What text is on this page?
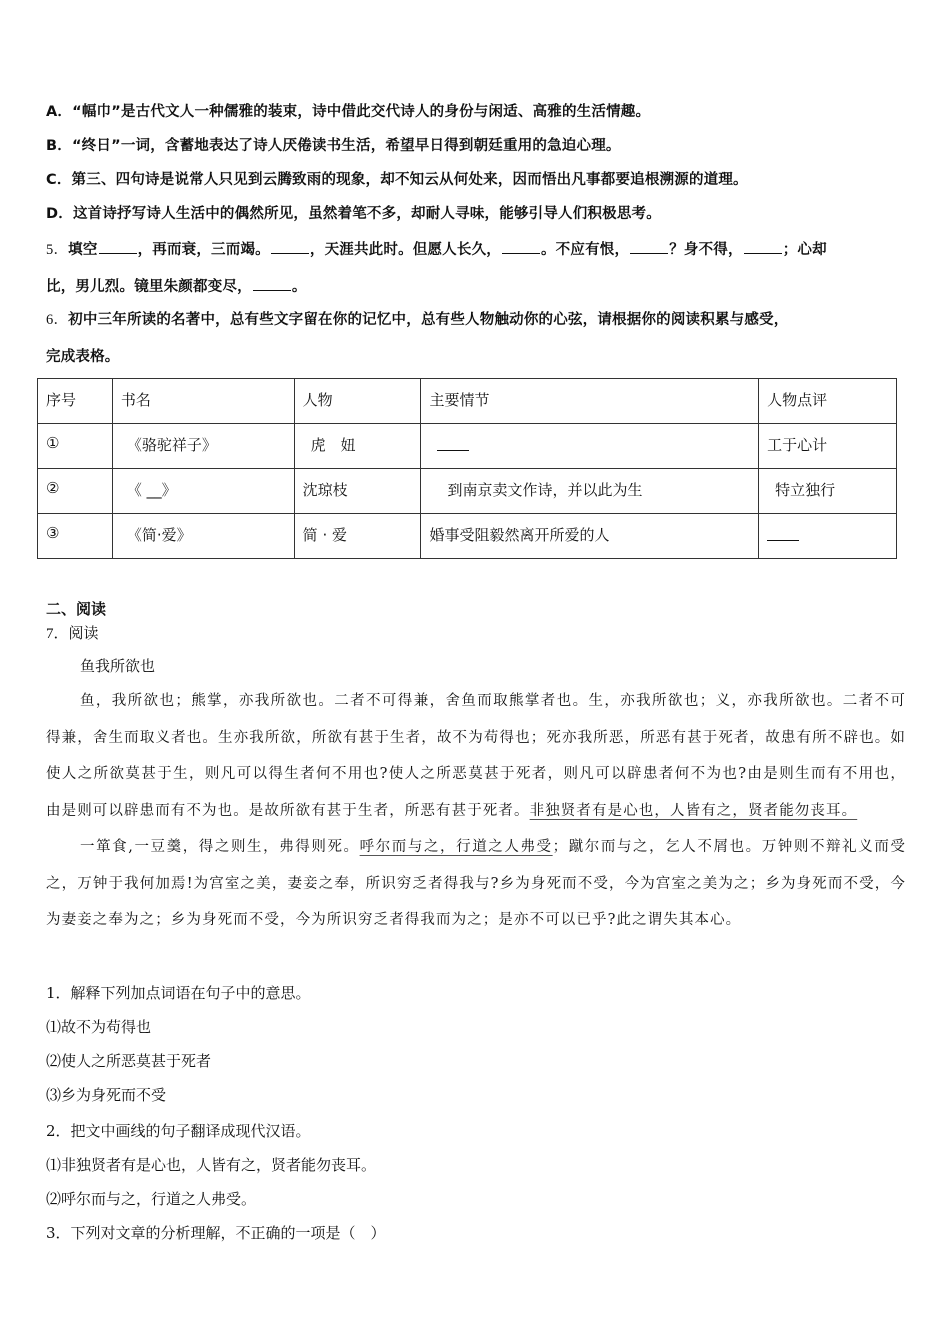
A．“幅巾”是古代文人一种儒雅的装束，诗中借此交代诗人的身份与闲适、高雅的生活情趣。
B．“终日”一词，含蓄地表达了诗人厌倦读书生活，希望早日得到朝廷重用的急迫心理。
C．第三、四句诗是说常人只见到云腾致雨的现象，却不知云从何处来，因而悟出凡事都要追根溯源的道理。
D．这首诗抒写诗人生活中的偶然所见，虽然着笔不多，却耐人寻味，能够引导人们积极思考。
5．填空	，再而衰，三而竭。	，天涯共此时。但愿人长久，	。不应有恨，	？身不得，	；心却
比，男儿烈。镜里朱颜都变尽，	。
6．初中三年所读的名著中，总有些文字留在你的记忆中，总有些人物触动你的心弦，请根据你的阅读积累与感受，
完成表格。
序号	书名	人物	主要情节	人物点评
①	《骆驼祥子》	虎　妞		工于心计
②	《 __》	沈琼枝	到南京卖文作诗，并以此为生	特立独行
③	《简·爱》	简 · 爱	婚事受阻毅然离开所爱的人	
二、阅读
7．阅读
鱼我所欲也

鱼，我所欲也；熊掌，亦我所欲也。二者不可得兼，舍鱼而取熊掌者也。生，亦我所欲也；义，亦我所欲也。二者不可得兼，舍生而取义者也。生亦我所欲，所欲有甚于生者，故不为苟得也；死亦我所恶，所恶有甚于死者，故患有所不辟也。如使人之所欲莫甚于生，则凡可以得生者何不用也?使人之所恶莫甚于死者，则凡可以辟患者何不为也?由是则生而有不用也，由是则可以辟患而有不为也。是故所欲有甚于生者，所恶有甚于死者。非独贤者有是心也，人皆有之，贤者能勿丧耳。

一箪食,一豆羹，得之则生，弗得则死。呼尔而与之，行道之人弗受；蹴尔而与之，乞人不屑也。万钟则不辩礼义而受之，万钟于我何加焉!为宫室之美，妻妾之奉，所识穷乏者得我与?乡为身死而不受，今为宫室之美为之；乡为身死而不受，今为妻妾之奉为之；乡为身死而不受，今为所识穷乏者得我而为之；是亦不可以已乎?此之谓失其本心。

1．解释下列加点词语在句子中的意思。
⑴故不为苟得也
⑵使人之所恶莫甚于死者
⑶乡为身死而不受
2．把文中画线的句子翻译成现代汉语。
⑴非独贤者有是心也，人皆有之，贤者能勿丧耳。
⑵呼尔而与之，行道之人弗受。
3．下列对文章的分析理解，不正确的一项是（　）
